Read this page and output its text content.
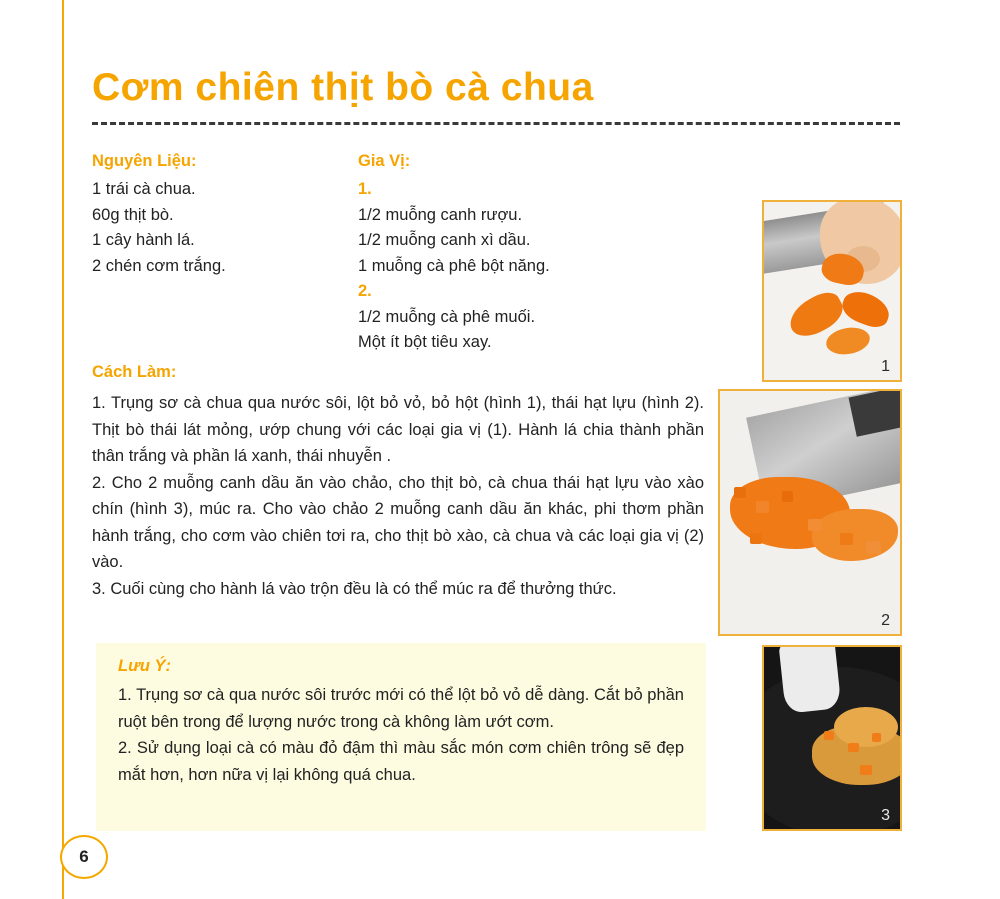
Cơm chiên thịt bò cà chua
Nguyên Liệu:
1 trái cà chua.
60g thịt bò.
1 cây hành lá.
2 chén cơm trắng.
Gia Vị:
1.
1/2 muỗng canh rượu.
1/2 muỗng canh xì dầu.
1 muỗng cà phê bột năng.
2.
1/2 muỗng cà phê muối.
Một ít bột tiêu xay.
Cách Làm:

1. Trụng sơ cà chua qua nước sôi, lột bỏ vỏ, bỏ hột (hình 1), thái hạt lựu (hình 2). Thịt bò thái lát mỏng, ướp chung với các loại gia vị (1). Hành lá chia thành phần thân trắng và phần lá xanh, thái nhuyễn .

2. Cho 2 muỗng canh dầu ăn vào chảo, cho thịt bò, cà chua thái hạt lựu vào xào chín (hình 3), múc ra. Cho vào chảo 2 muỗng canh dầu ăn khác, phi thơm phần hành trắng, cho cơm vào chiên tơi ra, cho thịt bò xào, cà chua và các loại gia vị (2) vào.

3. Cuối cùng cho hành lá vào trộn đều là có thể múc ra để thưởng thức.

Lưu Ý:

1. Trụng sơ cà qua nước sôi trước mới có thể lột bỏ vỏ dễ dàng. Cắt bỏ phần ruột bên trong để lượng nước trong cà không làm ướt cơm.

2. Sử dụng loại cà có màu đỏ đậm thì màu sắc món cơm chiên trông sẽ đẹp mắt hơn, hơn nữa vị lại không quá chua.

1
2
3
6
